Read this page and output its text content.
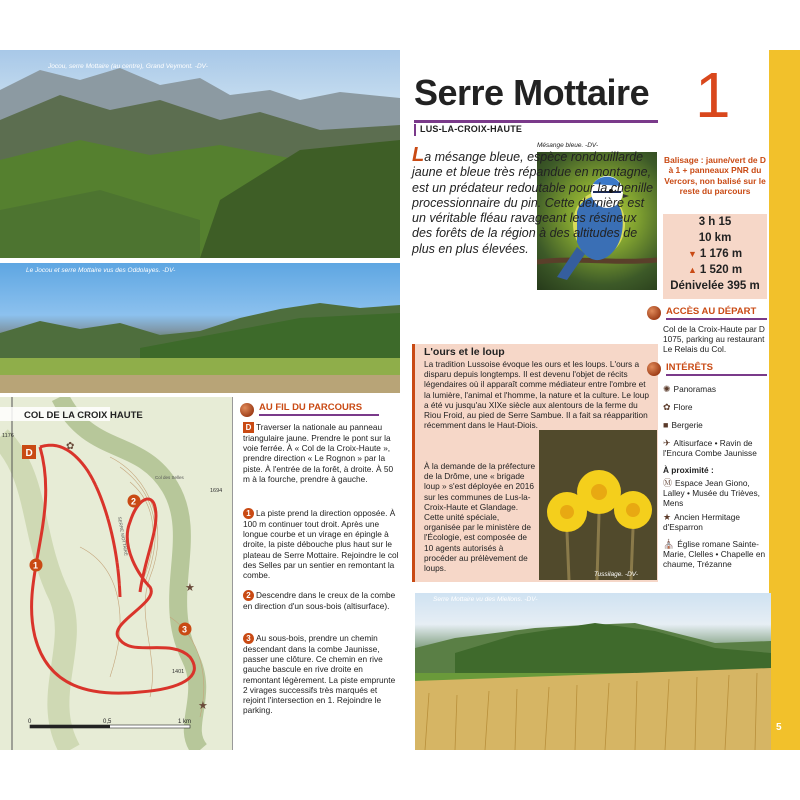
Jocou, serre Mottaire (au centre), Grand Veymont. -DV-
Le Jocou et serre Mottaire vus des Oddolayes. -DV-
COL DE LA CROIX HAUTE
D
1
2
3
1176
1694
1401
SERRE MOTTAIRE
Col des Selles
★
★
✿
0	0,5	1 km
AU FIL DU PARCOURS
D Traverser la nationale au panneau triangulaire jaune. Prendre le pont sur la voie ferrée. À « Col de la Croix-Haute », prendre direction « Le Rognon » par la piste. À l'entrée de la forêt, à droite. À 50 m à la fourche, prendre à gauche.
1 La piste prend la direction opposée. À 100 m continuer tout droit. Après une longue courbe et un virage en épingle à droite, la piste débouche plus haut sur le plateau de Serre Mottaire. Rejoindre le col des Selles par un sentier en remontant la combe.
2 Descendre dans le creux de la combe en direction d'un sous-bois (altisurface).
3 Au sous-bois, prendre un chemin descendant dans la combe Jaunisse, passer une clôture. Ce chemin en rive gauche bascule en rive droite en remontant légèrement. La piste emprunte 2 virages successifs très marqués et rejoint l'intersection en 1. Rejoindre le parking.
Serre Mottaire 1
LUS-LA-CROIX-HAUTE
Mésange bleue. -DV-
La mésange bleue, espèce rondouillarde jaune et bleue très répandue en montagne, est un prédateur redoutable pour la chenille processionnaire du pin. Cette dernière est un véritable fléau ravageant les résineux des forêts de la région à des altitudes de plus en plus élevées.
L'ours et le loup
La tradition Lussoise évoque les ours et les loups. L'ours a disparu depuis longtemps. Il est devenu l'objet de récits légendaires où il apparaît comme médiateur entre l'ombre et la lumière, l'animal et l'homme, la nature et la culture. Le loup a été vu jusqu'au XIXe siècle aux alentours de la ferme du Riou Froid, au pied de Serre Sambue. Il a fait sa réapparition récemment dans le Haut-Diois.
À la demande de la préfecture de la Drôme, une « brigade loup » s'est déployée en 2016 sur les communes de Lus-la-Croix-Haute et Glandage. Cette unité spéciale, organisée par le ministère de l'Écologie, est composée de 10 agents autorisés à procéder au prélèvement de loups.
Tussilage. -DV-
Serre Mottaire vu des Miellons. -DV-
5
Balisage : jaune/vert de D à 1 + panneaux PNR du Vercors, non balisé sur le reste du parcours
3 h 15
10 km
▼ 1 176 m
▲ 1 520 m
Dénivelée 395 m
ACCÈS AU DÉPART
Col de la Croix-Haute par D 1075, parking au restaurant Le Relais du Col.
INTÉRÊTS
✺ Panoramas
✿ Flore
■ Bergerie
✈ Altisurface • Ravin de l'Encura Combe Jaunisse
À proximité :
Ⓜ Espace Jean Giono, Lalley • Musée du Trièves, Mens
★ Ancien Hermitage d'Esparron
⛪ Église romane Sainte-Marie, Clelles • Chapelle en chaume, Trézanne
